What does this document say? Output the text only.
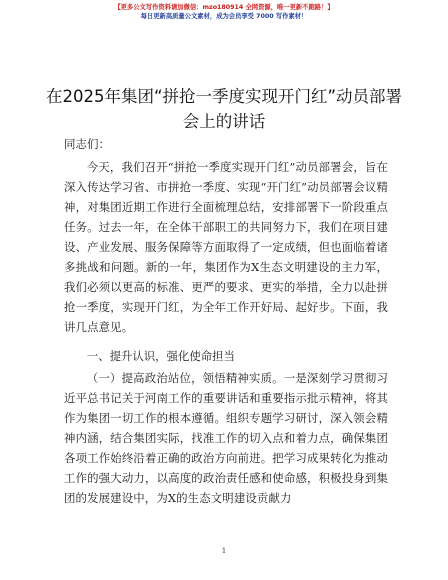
【更多公文写作资料请加微信：mzo180914 全网资源，唯一更新不跑路！】
每日更新高质量公文素材，成为会员享受 7000 写作素材！
在2025年集团“拼抢一季度实现开门红”动员部署会上的讲话
同志们：
今天，我们召开“拼抢一季度实现开门红”动员部署会，旨在深入传达学习省、市拼抢一季度、实现“开门红”动员部署会议精神，对集团近期工作进行全面梳理总结，安排部署下一阶段重点任务。过去一年，在全体干部职工的共同努力下，我们在项目建设、产业发展、服务保障等方面取得了一定成绩，但也面临着诸多挑战和问题。新的一年，集团作为X生态文明建设的主力军，我们必须以更高的标准、更严的要求、更实的举措，全力以赴拼抢一季度，实现开门红，为全年工作开好局、起好步。下面，我讲几点意见。
一、提升认识，强化使命担当
（一）提高政治站位，领悟精神实质。一是深刻学习贯彻习近平总书记关于河南工作的重要讲话和重要指示批示精神，将其作为集团一切工作的根本遵循。组织专题学习研讨，深入领会精神内涵，结合集团实际，找准工作的切入点和着力点，确保集团各项工作始终沿着正确的政治方向前进。把学习成果转化为推动工作的强大动力，以高度的政治责任感和使命感，积极投身到集团的发展建设中，为X的生态文明建设贡献力
1
